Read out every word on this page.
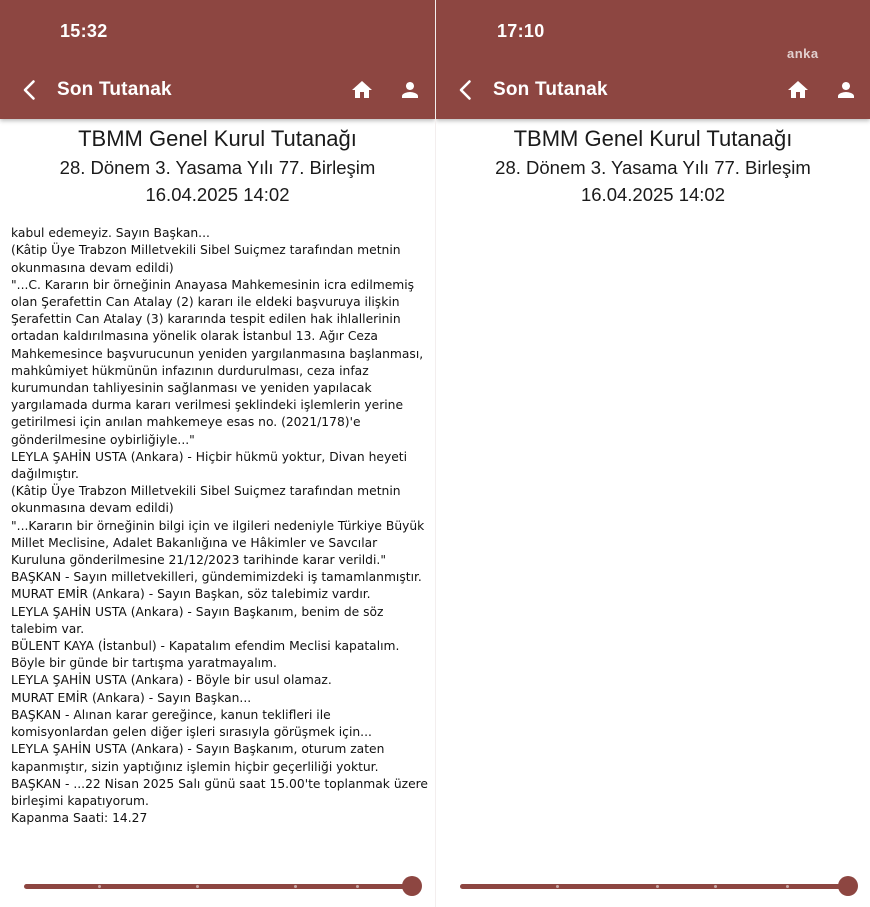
15:32
Son Tutanak
TBMM Genel Kurul Tutanağı
28. Dönem 3. Yasama Yılı 77. Birleşim
16.04.2025 14:02

kabul edemeyiz. Sayın Başkan...
(Kâtip Üye Trabzon Milletvekili Sibel Suiçmez tarafından metnin okunmasına devam edildi)
"...C. Kararın bir örneğinin Anayasa Mahkemesinin icra edilmemiş olan Şerafettin Can Atalay (2) kararı ile eldeki başvuruya ilişkin Şerafettin Can Atalay (3) kararında tespit edilen hak ihlallerinin ortadan kaldırılmasına yönelik olarak İstanbul 13. Ağır Ceza Mahkemesince başvurucunun yeniden yargılanmasına başlanması, mahkûmiyet hükmünün infazının durdurulması, ceza infaz kurumundan tahliyesinin sağlanması ve yeniden yapılacak yargılamada durma kararı verilmesi şeklindeki işlemlerin yerine getirilmesi için anılan mahkemeye esas no. (2021/178)'e gönderilmesine oybirliğiyle..."
LEYLA ŞAHİN USTA (Ankara) - Hiçbir hükmü yoktur, Divan heyeti dağılmıştır.
(Kâtip Üye Trabzon Milletvekili Sibel Suiçmez tarafından metnin okunmasına devam edildi)
"...Kararın bir örneğinin bilgi için ve ilgileri nedeniyle Türkiye Büyük Millet Meclisine, Adalet Bakanlığına ve Hâkimler ve Savcılar Kuruluna gönderilmesine 21/12/2023 tarihinde karar verildi."
BAŞKAN - Sayın milletvekilleri, gündemimizdeki iş tamamlanmıştır.
MURAT EMİR (Ankara) - Sayın Başkan, söz talebimiz vardır.
LEYLA ŞAHİN USTA (Ankara) - Sayın Başkanım, benim de söz talebim var.
BÜLENT KAYA (İstanbul) - Kapatalım efendim Meclisi kapatalım. Böyle bir günde bir tartışma yaratmayalım.
LEYLA ŞAHİN USTA (Ankara) - Böyle bir usul olamaz.
MURAT EMİR (Ankara) - Sayın Başkan...
BAŞKAN - Alınan karar gereğince, kanun teklifleri ile komisyonlardan gelen diğer işleri sırasıyla görüşmek için...
LEYLA ŞAHİN USTA (Ankara) - Sayın Başkanım, oturum zaten kapanmıştır, sizin yaptığınız işlemin hiçbir geçerliliği yoktur.
BAŞKAN - ...22 Nisan 2025 Salı günü saat 15.00'te toplanmak üzere birleşimi kapatıyorum.
Kapanma Saati: 14.27

17:10
anka
Son Tutanak
TBMM Genel Kurul Tutanağı
28. Dönem 3. Yasama Yılı 77. Birleşim
16.04.2025 14:02
